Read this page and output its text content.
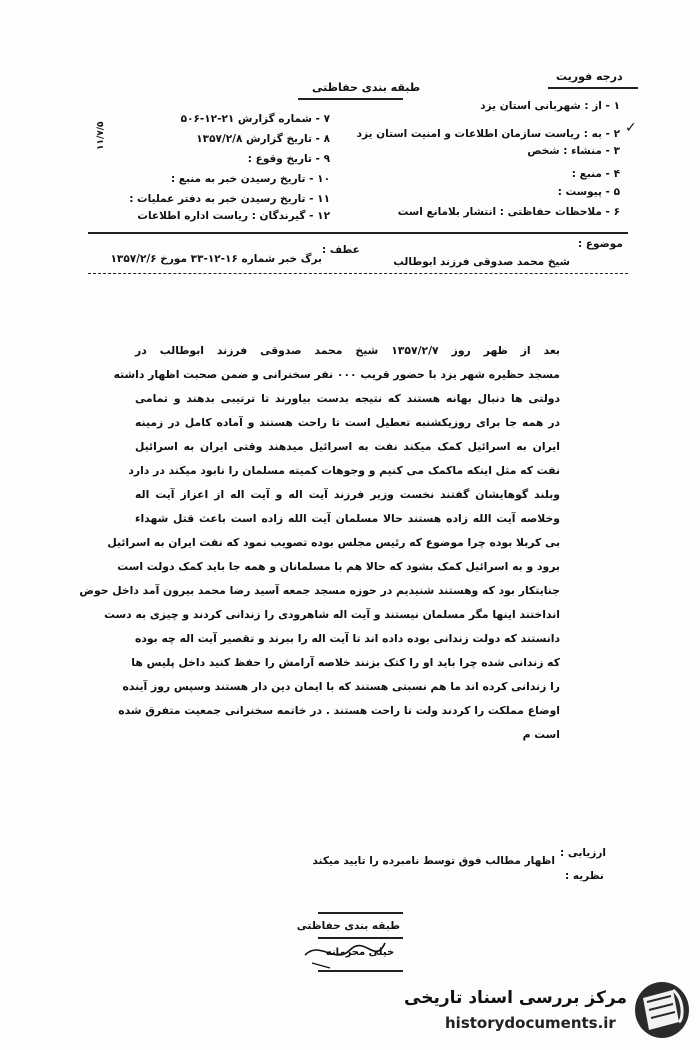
طبقه بندی حفاظتی
درجه فوریت
۷ - شماره گزارش ۲۱-۱۲-۵۰۶
۸ - تاریخ گزارش ۱۳۵۷/۲/۸
۹ - تاریخ وقوع :
۱۰ - تاریخ رسیدن خبر به منبع :
۱۱ - تاریخ رسیدن خبر به دفتر عملیات :
۱۲ - گیرندگان : ریاست اداره اطلاعات
۱ - از : شهربانی استان یزد
۲ - به : ریاست سازمان اطلاعات و امنیت استان یزد
۳ - منشاء : شخص
۴ - منبع :
۵ - پیوست :
۶ - ملاحظات حفاظتی : انتشار بلامانع است
✓
۱۱/۷/۵
موضوع :
شیخ محمد صدوقی فرزند ابوطالب
عطف :
برگ خبر شماره ۱۶-۱۲-۳۳ مورخ ۱۳۵۷/۲/۶
بعد از ظهر روز ۱۳۵۷/۲/۷ شیخ محمد صدوقی فرزند ابوطالب در
مسجد حظیره شهر یزد با حضور قریب ۰۰۰ نفر سخنرانی و ضمن صحبت اظهار داشته
دولتی ها دنبال بهانه هستند که نتیجه بدست بیاورند تا ترتیبی بدهند و تمامی
در همه جا برای روزیکشنبه تعطیل است تا راحت هستند و آماده کامل در زمینه
ایران به اسرائیل کمک میکند نفت به اسرائیل میدهند وقتی ایران به اسرائیل
نفت که مثل اینکه ماکمک می کنیم و وجوهات کمیته مسلمان را نابود میکند در دارد
وبلند گوهایشان گفتند نخست وزیر فرزند آیت اله و آیت اله از اعزاز آیت اله
وخلاصه آیت الله زاده هستند حالا مسلمان آیت الله زاده است باعث قتل شهداء
بی کربلا بوده چرا موضوع که رئیس مجلس بوده تصویب نمود که نفت ایران به اسرائیل
برود و به اسرائیل کمک بشود که حالا هم با مسلمانان و همه جا باید کمک دولت است
جنایتکار بود که وهستند شنیدیم در حوزه مسجد جمعه آسید رضا محمد بیرون آمد داخل حوض
انداختند اینها مگر مسلمان نیستند و آیت اله شاهرودی را زندانی کردند و چیزی به دست
دانستند که دولت زندانی بوده داده اند تا آیت اله را ببرند و تقصیر آیت اله چه بوده
که زندانی شده چرا باید او را کتک بزنند خلاصه آرامش را حفظ کنید داخل پلیس ها
را زندانی کرده اند ما هم نسبتی هستند که با ایمان دین دار هستند وسپس روز آینده
اوضاع مملکت را کردند ولت نا راحت هستند . در خاتمه سخنرانی جمعیت متفرق شده
است م
ارزیابی :
اظهار مطالب فوق توسط نامبرده را تایید میکند
نظریه :
طبقه بندی حفاظتی
خیلی محرمانه
مرکز بررسی اسناد تاریخی
historydocuments.ir
